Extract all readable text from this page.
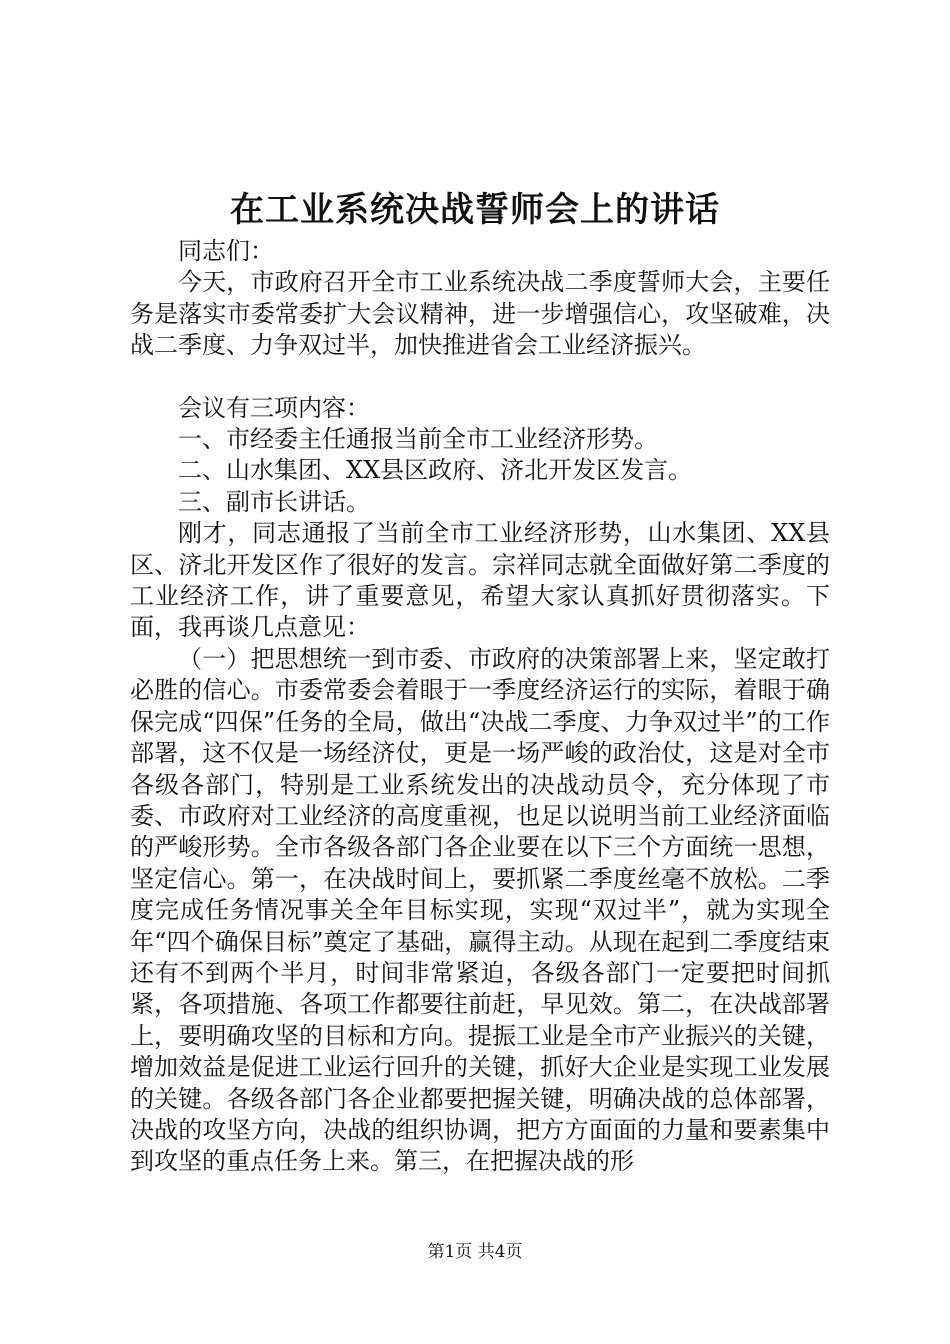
在工业系统决战誓师会上的讲话

同志们：

今天，市政府召开全市工业系统决战二季度誓师大会，主要任务是落实市委常委扩大会议精神，进一步增强信心，攻坚破难，决战二季度、力争双过半，加快推进省会工业经济振兴。

会议有三项内容：

一、市经委主任通报当前全市工业经济形势。

二、山水集团、XX县区政府、济北开发区发言。

三、副市长讲话。

刚才，同志通报了当前全市工业经济形势，山水集团、XX县区、济北开发区作了很好的发言。宗祥同志就全面做好第二季度的工业经济工作，讲了重要意见，希望大家认真抓好贯彻落实。下面，我再谈几点意见：

（一）把思想统一到市委、市政府的决策部署上来，坚定敢打必胜的信心。市委常委会着眼于一季度经济运行的实际，着眼于确保完成“四保”任务的全局，做出“决战二季度、力争双过半”的工作部署，这不仅是一场经济仗，更是一场严峻的政治仗，这是对全市各级各部门，特别是工业系统发出的决战动员令，充分体现了市委、市政府对工业经济的高度重视，也足以说明当前工业经济面临的严峻形势。全市各级各部门各企业要在以下三个方面统一思想，坚定信心。第一，在决战时间上，要抓紧二季度丝毫不放松。二季度完成任务情况事关全年目标实现，实现“双过半”，就为实现全年“四个确保目标”奠定了基础，赢得主动。从现在起到二季度结束还有不到两个半月，时间非常紧迫，各级各部门一定要把时间抓紧，各项措施、各项工作都要往前赶，早见效。第二，在决战部署上，要明确攻坚的目标和方向。提振工业是全市产业振兴的关键，增加效益是促进工业运行回升的关键，抓好大企业是实现工业发展的关键。各级各部门各企业都要把握关键，明确决战的总体部署，决战的攻坚方向，决战的组织协调，把方方面面的力量和要素集中到攻坚的重点任务上来。第三，在把握决战的形

第1页 共4页
